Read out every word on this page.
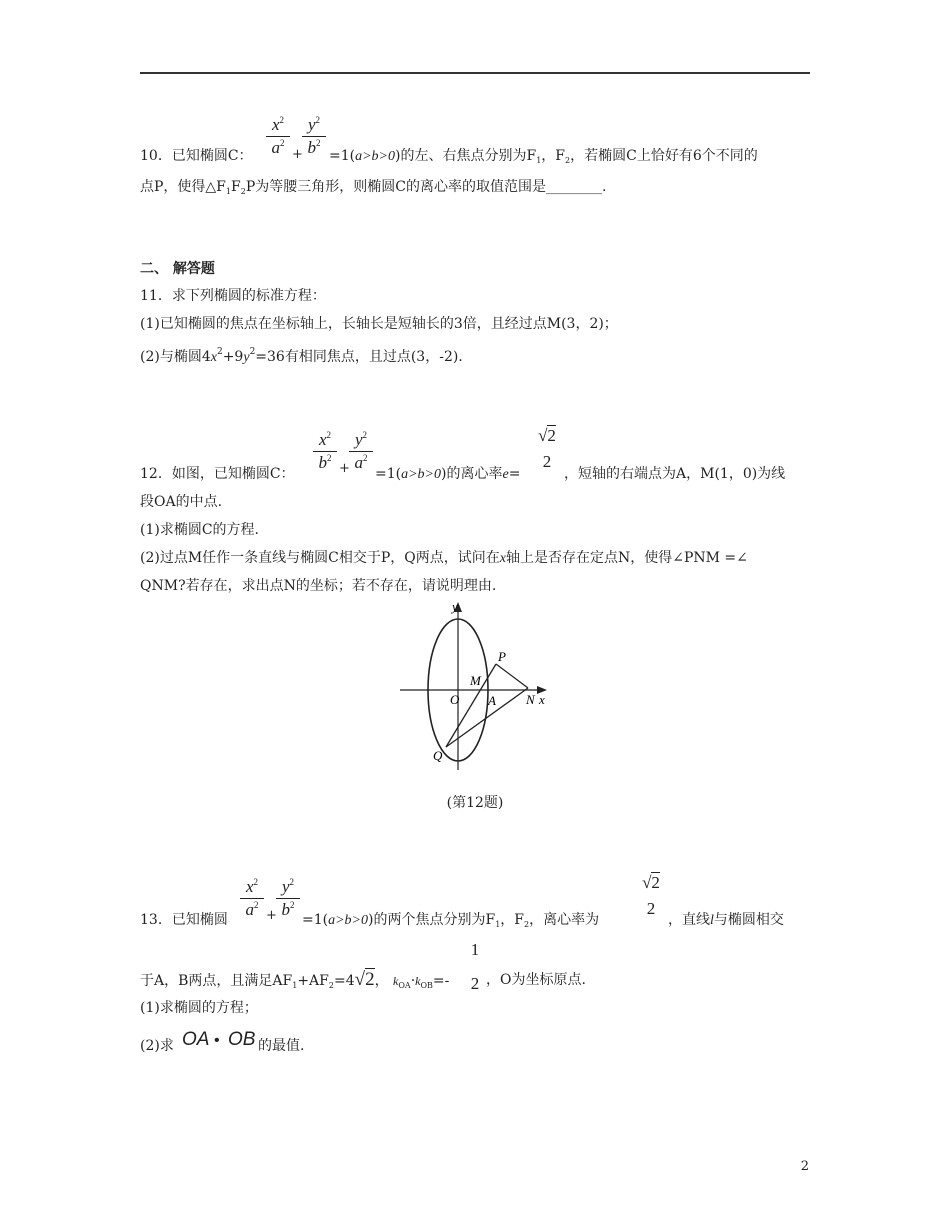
$x^2$
$a^2$
+
$y^2$
$b^2$
10．已知椭圆C：	=1(a>b>0)的左、右焦点分别为$F_1$，$F_2$，若椭圆C上恰好有6个不同的
点P，使得$\triangle F_1F_2P$为等腰三角形，则椭圆C的离心率的取值范围是________.
二、 解答题
11．求下列椭圆的标准方程：
(1)已知椭圆的焦点在坐标轴上，长轴长是短轴长的3倍，且经过点M(3，2)；
(2)与椭圆$4x^2+9y^2=36$有相同焦点，且过点(3，-2).
$x^2$
$b^2$
+
$y^2$
$a^2$
√2
2
12．如图，已知椭圆C：	=1(a>b>0)的离心率e=	，短轴的右端点为A，M(1，0)为线
段OA的中点.
(1)求椭圆C的方程.
(2)过点M任作一条直线与椭圆C相交于P，Q两点，试问在x轴上是否存在定点N，使得∠PNM =∠
QNM?若存在，求出点N的坐标；若不存在，请说明理由.
y
x
O
M
A N
P
Q
(第12题)
$x^2$
$a^2$
+
$y^2$
$b^2$
√2
2
13．已知椭圆	=1(a>b>0)的两个焦点分别为$F_1$，$F_2$，离心率为	，直线l与椭圆相交
于A，B两点，且满足$AF_1+AF_2=4√2$， $k_{OA}\cdot k_{OB}=-$
1
2 ，O为坐标原点.
(1)求椭圆的方程；
(2)求 OA • OB 的最值.
2
